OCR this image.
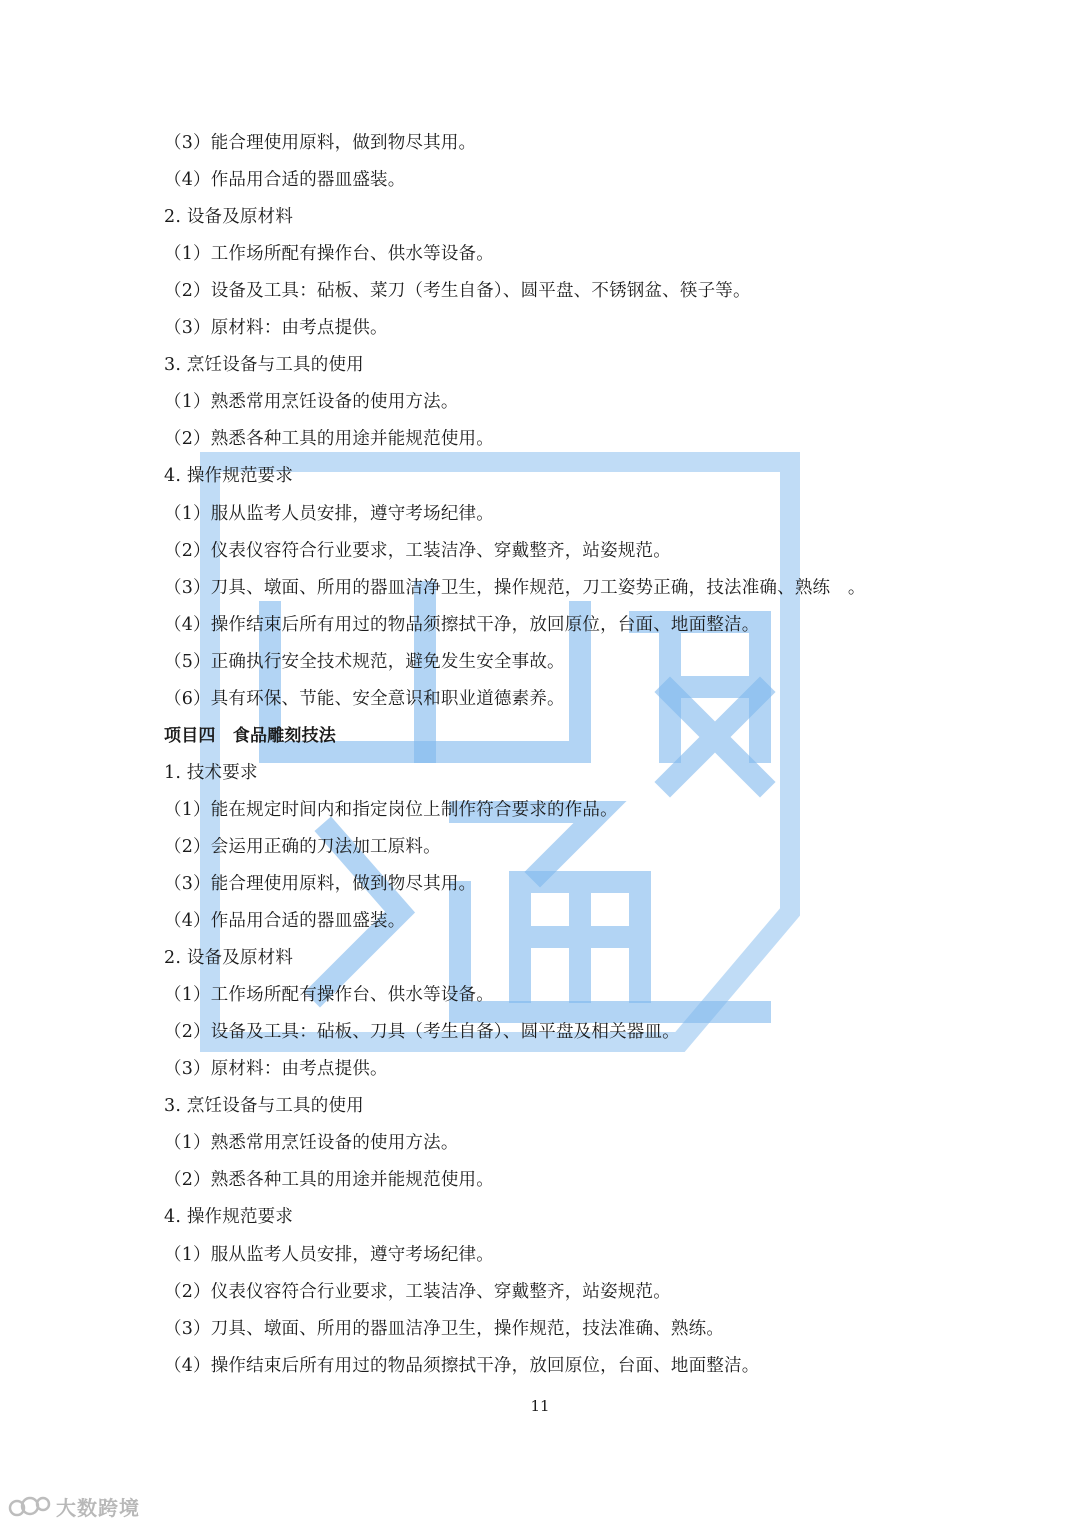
（3）能合理使用原料，做到物尽其用。
（4）作品用合适的器皿盛装。
2. 设备及原材料
（1）工作场所配有操作台、供水等设备。
（2）设备及工具：砧板、菜刀（考生自备）、圆平盘、不锈钢盆、筷子等。
（3）原材料：由考点提供。
3. 烹饪设备与工具的使用
（1）熟悉常用烹饪设备的使用方法。
（2）熟悉各种工具的用途并能规范使用。
4. 操作规范要求
（1）服从监考人员安排，遵守考场纪律。
（2）仪表仪容符合行业要求，工装洁净、穿戴整齐，站姿规范。
（3）刀具、墩面、所用的器皿洁净卫生，操作规范，刀工姿势正确，技法准确、熟练　。
（4）操作结束后所有用过的物品须擦拭干净，放回原位，台面、地面整洁。
（5）正确执行安全技术规范，避免发生安全事故。
（6）具有环保、节能、安全意识和职业道德素养。
项目四　食品雕刻技法
1. 技术要求
（1）能在规定时间内和指定岗位上制作符合要求的作品。
（2）会运用正确的刀法加工原料。
（3）能合理使用原料，做到物尽其用。
（4）作品用合适的器皿盛装。
2. 设备及原材料
（1）工作场所配有操作台、供水等设备。
（2）设备及工具：砧板、刀具（考生自备）、圆平盘及相关器皿。
（3）原材料：由考点提供。
3. 烹饪设备与工具的使用
（1）熟悉常用烹饪设备的使用方法。
（2）熟悉各种工具的用途并能规范使用。
4. 操作规范要求
（1）服从监考人员安排，遵守考场纪律。
（2）仪表仪容符合行业要求，工装洁净、穿戴整齐，站姿规范。
（3）刀具、墩面、所用的器皿洁净卫生，操作规范，技法准确、熟练。
（4）操作结束后所有用过的物品须擦拭干净，放回原位，台面、地面整洁。
11
大数跨境
